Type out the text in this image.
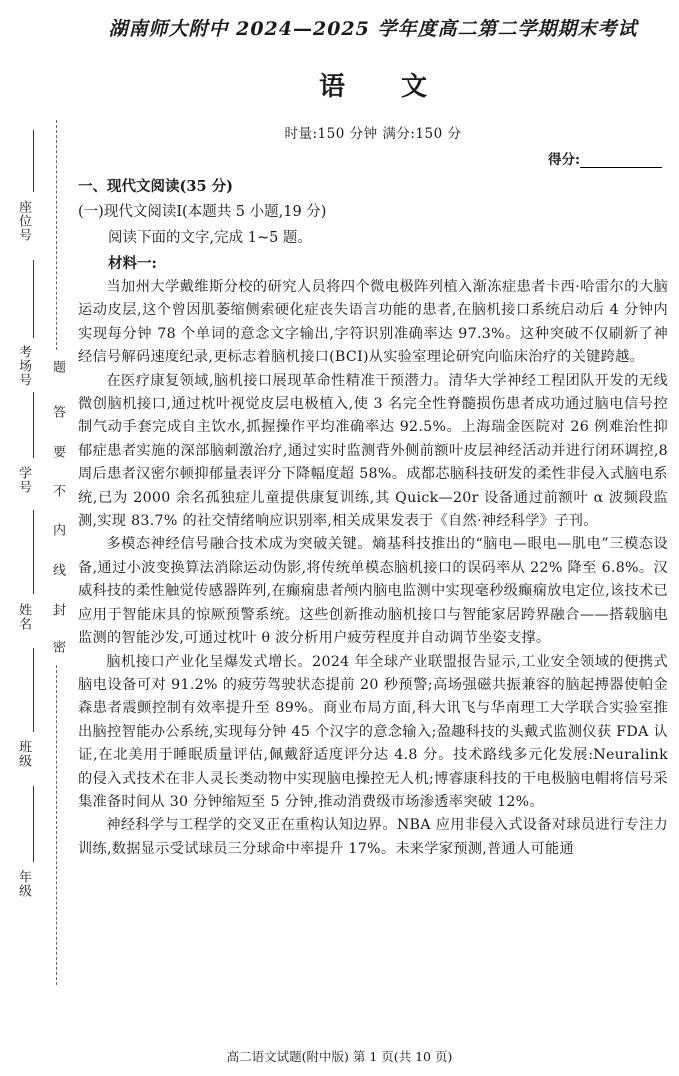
座位号
考场号
学号
姓名
班级
年级
题
答
要
不
内
线
封
密
湖南师大附中 2024—2025 学年度高二第二学期期末考试
语文
时量:150 分钟 满分:150 分
得分:
一、现代文阅读(35 分)
(一)现代文阅读Ⅰ(本题共 5 小题,19 分)
阅读下面的文字,完成 1~5 题。
材料一:

当加州大学戴维斯分校的研究人员将四个微电极阵列植入渐冻症患者卡西·哈雷尔的大脑运动皮层,这个曾因肌萎缩侧索硬化症丧失语言功能的患者,在脑机接口系统启动后 4 分钟内实现每分钟 78 个单词的意念文字输出,字符识别准确率达 97.3%。这种突破不仅刷新了神经信号解码速度纪录,更标志着脑机接口(BCI)从实验室理论研究向临床治疗的关键跨越。

在医疗康复领域,脑机接口展现革命性精准干预潜力。清华大学神经工程团队开发的无线微创脑机接口,通过枕叶视觉皮层电极植入,使 3 名完全性脊髓损伤患者成功通过脑电信号控制气动手套完成自主饮水,抓握操作平均准确率达 92.5%。上海瑞金医院对 26 例难治性抑郁症患者实施的深部脑刺激治疗,通过实时监测背外侧前额叶皮层神经活动并进行闭环调控,8 周后患者汉密尔顿抑郁量表评分下降幅度超 58%。成都芯脑科技研发的柔性非侵入式脑电系统,已为 2000 余名孤独症儿童提供康复训练,其 Quick—20r 设备通过前额叶 α 波频段监测,实现 83.7% 的社交情绪响应识别率,相关成果发表于《自然·神经科学》子刊。

多模态神经信号融合技术成为突破关键。熵基科技推出的“脑电—眼电—肌电”三模态设备,通过小波变换算法消除运动伪影,将传统单模态脑机接口的误码率从 22% 降至 6.8%。汉威科技的柔性触觉传感器阵列,在癫痫患者颅内脑电监测中实现毫秒级癫痫放电定位,该技术已应用于智能床具的惊厥预警系统。这些创新推动脑机接口与智能家居跨界融合——搭载脑电监测的智能沙发,可通过枕叶 θ 波分析用户疲劳程度并自动调节坐姿支撑。

脑机接口产业化呈爆发式增长。2024 年全球产业联盟报告显示,工业安全领域的便携式脑电设备可对 91.2% 的疲劳驾驶状态提前 20 秒预警;高场强磁共振兼容的脑起搏器使帕金森患者震颤控制有效率提升至 89%。商业布局方面,科大讯飞与华南理工大学联合实验室推出脑控智能办公系统,实现每分钟 45 个汉字的意念输入;盈趣科技的头戴式监测仪获 FDA 认证,在北美用于睡眠质量评估,佩戴舒适度评分达 4.8 分。技术路线多元化发展:Neuralink 的侵入式技术在非人灵长类动物中实现脑电操控无人机;博睿康科技的干电极脑电帽将信号采集准备时间从 30 分钟缩短至 5 分钟,推动消费级市场渗透率突破 12%。

神经科学与工程学的交叉正在重构认知边界。NBA 应用非侵入式设备对球员进行专注力训练,数据显示受试球员三分球命中率提升 17%。未来学家预测,普通人可能通

高二语文试题(附中版) 第 1 页(共 10 页)
